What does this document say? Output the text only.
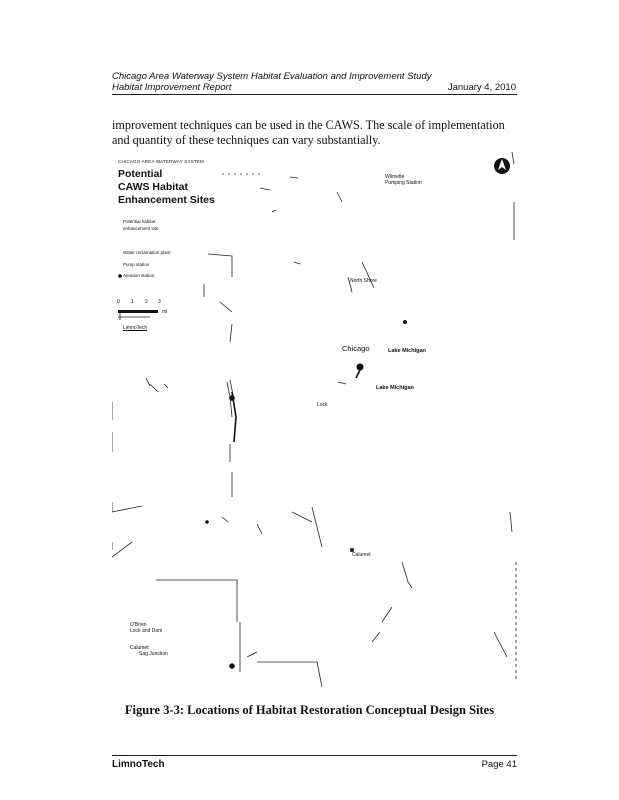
Chicago Area Waterway System Habitat Evaluation and Improvement Study
Habitat Improvement Report	January 4, 2010
improvement techniques can be used in the CAWS. The scale of implementation and quantity of these techniques can vary substantially.
CHICAGO AREA WATERWAY SYSTEM
Potential
CAWS Habitat
Enhancement Sites
Potential habitat
enhancement site
Water reclamation plant
Pump station
Aeration station
0 1 2 3
mi
LimnoTech
Wilmette
Pumping Station
North Shore
Chicago	Lake Michigan
Lake Michigan
Calumet
Lock
O'Brien
Lock and Dam
Calumet
Sag Junction
Figure 3-3: Locations of Habitat Restoration Conceptual Design Sites
LimnoTech	Page 41
